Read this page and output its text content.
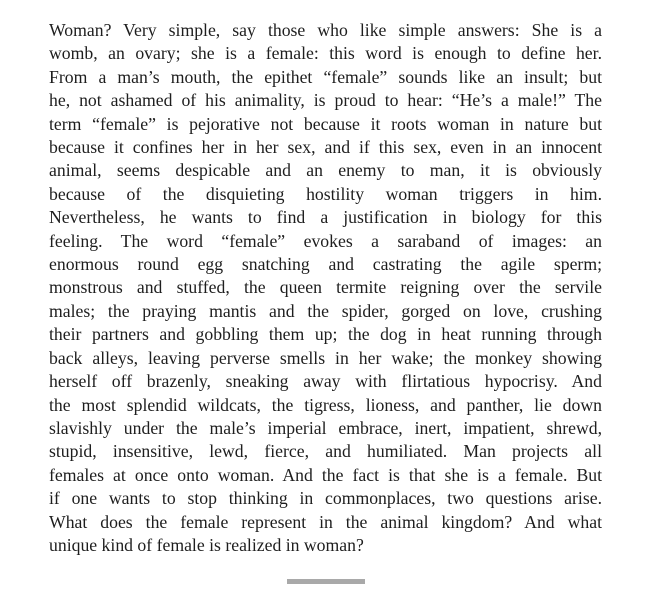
Woman? Very simple, say those who like simple answers: She is a
womb, an ovary; she is a female: this word is enough to define her.
From a man’s mouth, the epithet “female” sounds like an insult; but
he, not ashamed of his animality, is proud to hear: “He’s a male!” The
term “female” is pejorative not because it roots woman in nature but
because it confines her in her sex, and if this sex, even in an innocent
animal, seems despicable and an enemy to man, it is obviously
because of the disquieting hostility woman triggers in him.
Nevertheless, he wants to find a justification in biology for this
feeling. The word “female” evokes a saraband of images: an
enormous round egg snatching and castrating the agile sperm;
monstrous and stuffed, the queen termite reigning over the servile
males; the praying mantis and the spider, gorged on love, crushing
their partners and gobbling them up; the dog in heat running through
back alleys, leaving perverse smells in her wake; the monkey showing
herself off brazenly, sneaking away with flirtatious hypocrisy. And
the most splendid wildcats, the tigress, lioness, and panther, lie down
slavishly under the male’s imperial embrace, inert, impatient, shrewd,
stupid, insensitive, lewd, fierce, and humiliated. Man projects all
females at once onto woman. And the fact is that she is a female. But
if one wants to stop thinking in commonplaces, two questions arise.
What does the female represent in the animal kingdom? And what
unique kind of female is realized in woman?
